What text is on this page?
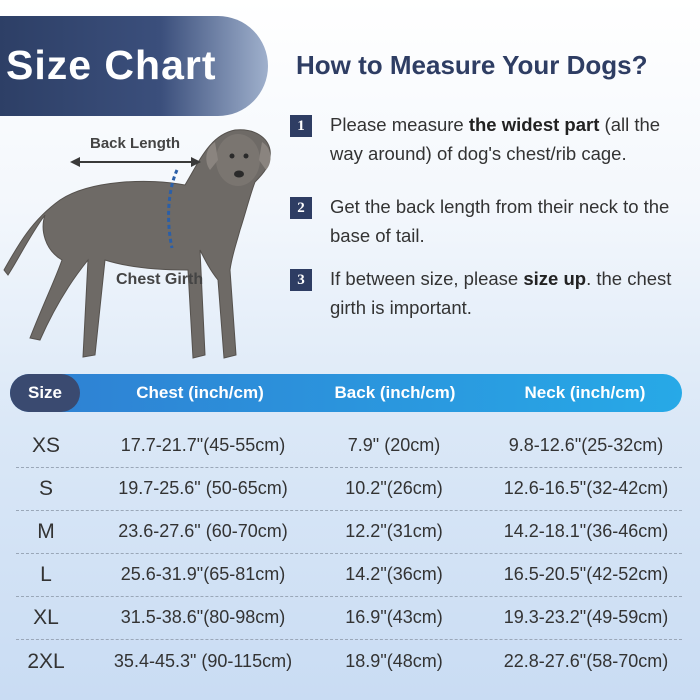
Size Chart	How to Measure Your Dogs?
1	Please measure the widest part (all the way around) of dog's chest/rib cage.
2	Get the back length from their neck to the base of tail.
3	If between size, please size up. the chest girth is important.
Back Length
Chest Girth
Size	Chest (inch/cm)	Back (inch/cm)	Neck (inch/cm)
XS	17.7-21.7"(45-55cm)	7.9" (20cm)	9.8-12.6"(25-32cm)
S	19.7-25.6" (50-65cm)	10.2"(26cm)	12.6-16.5"(32-42cm)
M	23.6-27.6" (60-70cm)	12.2"(31cm)	14.2-18.1"(36-46cm)
L	25.6-31.9"(65-81cm)	14.2"(36cm)	16.5-20.5"(42-52cm)
XL	31.5-38.6"(80-98cm)	16.9"(43cm)	19.3-23.2"(49-59cm)
2XL	35.4-45.3" (90-115cm)	18.9"(48cm)	22.8-27.6"(58-70cm)
